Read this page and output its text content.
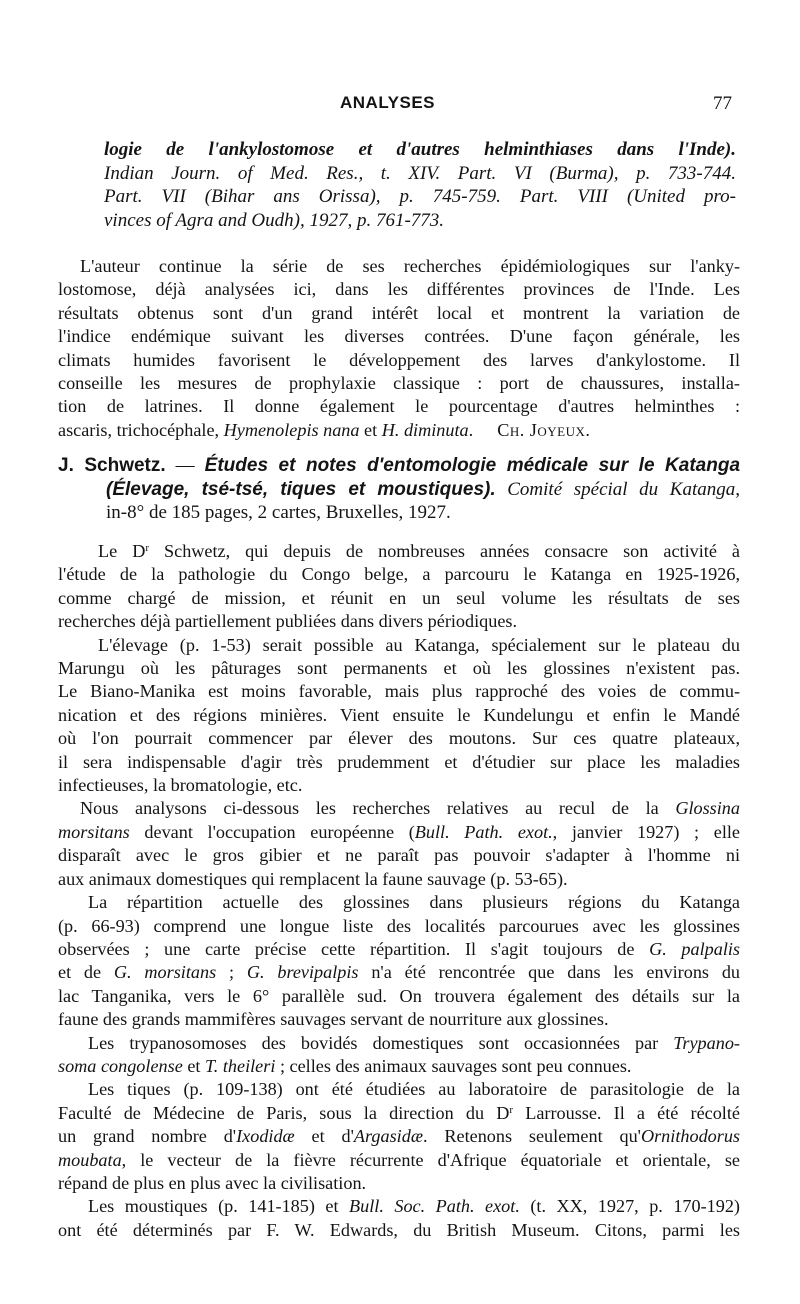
ANALYSES	77
logie de l'ankylostomose et d'autres helminthiases dans l'Inde).
Indian Journ. of Med. Res., t. XIV. Part. VI (Burma), p. 733-744.
Part. VII (Bihar ans Orissa), p. 745-759. Part. VIII (United pro-
vinces of Agra and Oudh), 1927, p. 761-773.
L'auteur continue la série de ses recherches épidémiologiques sur l'anky-
lostomose, déjà analysées ici, dans les différentes provinces de l'Inde. Les
résultats obtenus sont d'un grand intérêt local et montrent la variation de
l'indice endémique suivant les diverses contrées. D'une façon générale, les
climats humides favorisent le développement des larves d'ankylostome. Il
conseille les mesures de prophylaxie classique : port de chaussures, installa-
tion de latrines. Il donne également le pourcentage d'autres helminthes :
ascaris, trichocéphale, Hymenolepis nana et H. diminuta. Ch. Joyeux.
J. Schwetz. — Études et notes d'entomologie médicale sur le Katanga
(Élevage, tsé-tsé, tiques et moustiques). Comité spécial du Katanga,
in-8° de 185 pages, 2 cartes, Bruxelles, 1927.
Le $D^r$ Schwetz, qui depuis de nombreuses années consacre son activité à
l'étude de la pathologie du Congo belge, a parcouru le Katanga en 1925-1926,
comme chargé de mission, et réunit en un seul volume les résultats de ses
recherches déjà partiellement publiées dans divers périodiques.
L'élevage (p. 1-53) serait possible au Katanga, spécialement sur le plateau du
Marungu où les pâturages sont permanents et où les glossines n'existent pas.
Le Biano-Manika est moins favorable, mais plus rapproché des voies de commu-
nication et des régions minières. Vient ensuite le Kundelungu et enfin le Mandé
où l'on pourrait commencer par élever des moutons. Sur ces quatre plateaux,
il sera indispensable d'agir très prudemment et d'étudier sur place les maladies
infectieuses, la bromatologie, etc.
Nous analysons ci-dessous les recherches relatives au recul de la Glossina
morsitans devant l'occupation européenne (Bull. Path. exot., janvier 1927) ; elle
disparaît avec le gros gibier et ne paraît pas pouvoir s'adapter à l'homme ni
aux animaux domestiques qui remplacent la faune sauvage (p. 53-65).
La répartition actuelle des glossines dans plusieurs régions du Katanga
(p. 66-93) comprend une longue liste des localités parcourues avec les glossines
observées ; une carte précise cette répartition. Il s'agit toujours de G. palpalis
et de G. morsitans ; G. brevipalpis n'a été rencontrée que dans les environs du
lac Tanganika, vers le 6° parallèle sud. On trouvera également des détails sur la
faune des grands mammifères sauvages servant de nourriture aux glossines.
Les trypanosomoses des bovidés domestiques sont occasionnées par Trypano-
soma congolense et T. theileri ; celles des animaux sauvages sont peu connues.
Les tiques (p. 109-138) ont été étudiées au laboratoire de parasitologie de la
Faculté de Médecine de Paris, sous la direction du $D^r$ Larrousse. Il a été récolté
un grand nombre d'Ixodidæ et d'Argasidæ. Retenons seulement qu'Ornithodorus
moubata, le vecteur de la fièvre récurrente d'Afrique équatoriale et orientale, se
répand de plus en plus avec la civilisation.
Les moustiques (p. 141-185) et Bull. Soc. Path. exot. (t. XX, 1927, p. 170-192)
ont été déterminés par F. W. Edwards, du British Museum. Citons, parmi les
